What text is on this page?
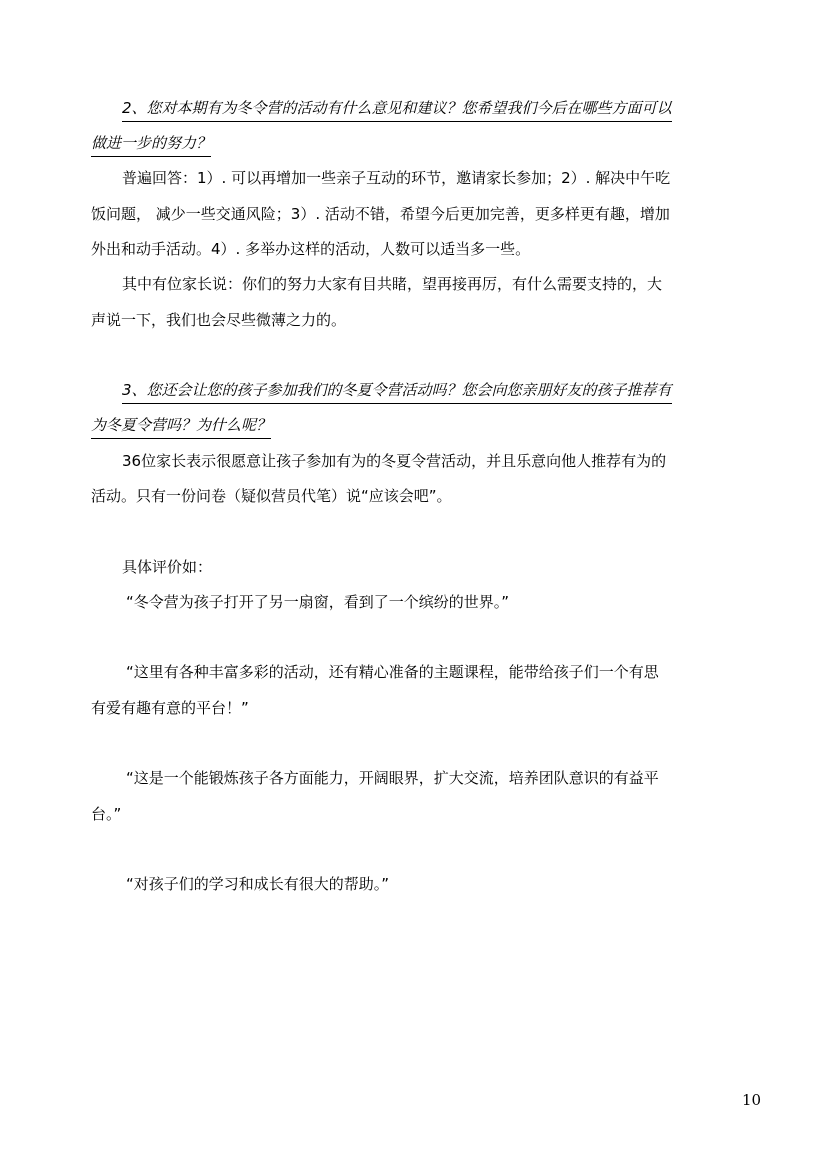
2、您对本期有为冬令营的活动有什么意见和建议？您希望我们今后在哪些方面可以
做进一步的努力？
普遍回答：1）. 可以再增加一些亲子互动的环节，邀请家长参加；2）. 解决中午吃
饭问题， 减少一些交通风险；3）. 活动不错，希望今后更加完善，更多样更有趣，增加
外出和动手活动。4）. 多举办这样的活动，人数可以适当多一些。
其中有位家长说：你们的努力大家有目共睹，望再接再厉，有什么需要支持的，大
声说一下，我们也会尽些微薄之力的。
3、您还会让您的孩子参加我们的冬夏令营活动吗？您会向您亲朋好友的孩子推荐有
为冬夏令营吗？为什么呢？
36位家长表示很愿意让孩子参加有为的冬夏令营活动，并且乐意向他人推荐有为的
活动。只有一份问卷（疑似营员代笔）说“应该会吧”。
具体评价如：
“冬令营为孩子打开了另一扇窗，看到了一个缤纷的世界。”
“这里有各种丰富多彩的活动，还有精心准备的主题课程，能带给孩子们一个有思
有爱有趣有意的平台！”
“这是一个能锻炼孩子各方面能力，开阔眼界，扩大交流，培养团队意识的有益平
台。”
“对孩子们的学习和成长有很大的帮助。”
10
